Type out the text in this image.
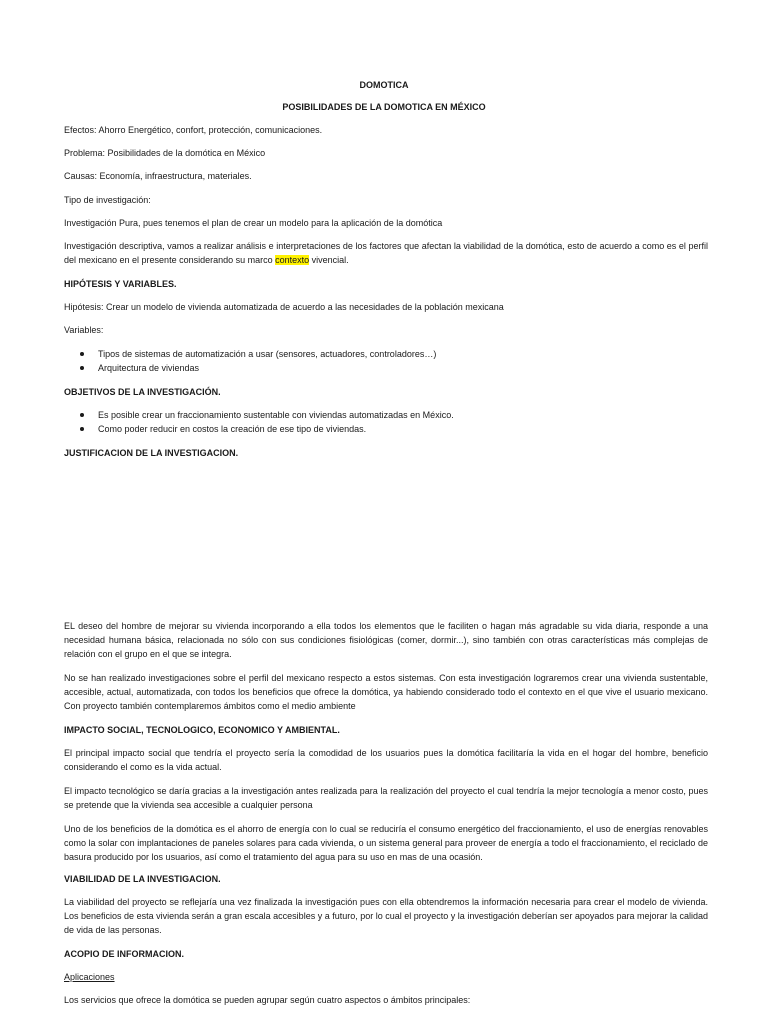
DOMOTICA

POSIBILIDADES DE LA DOMOTICA EN MÉXICO

Efectos: Ahorro Energético, confort, protección, comunicaciones.

Problema: Posibilidades de la domótica en México

Causas: Economía, infraestructura, materiales.

Tipo de investigación:

Investigación Pura, pues tenemos el plan de crear un modelo para la aplicación de la domótica

Investigación descriptiva, vamos a realizar análisis e interpretaciones de los factores que afectan la viabilidad de la domótica, esto de acuerdo a como es el perfil del mexicano en el presente considerando su marco contexto vivencial.

HIPÓTESIS Y VARIABLES.

Hipótesis: Crear un modelo de vivienda automatizada de acuerdo a las necesidades de la población mexicana

Variables:

Tipos de sistemas de automatización a usar (sensores, actuadores, controladores…)
Arquitectura de viviendas

OBJETIVOS DE LA INVESTIGACIÓN.

Es posible crear un fraccionamiento sustentable con viviendas automatizadas en México.
Como poder reducir en costos la creación de ese tipo de viviendas.

JUSTIFICACION DE LA INVESTIGACION.

EL deseo del hombre de mejorar su vivienda incorporando a ella todos los elementos que le faciliten o hagan más agradable su vida diaria, responde a una necesidad humana básica, relacionada no sólo con sus condiciones fisiológicas (comer, dormir...), sino también con otras características más complejas de relación con el grupo en el que se integra.

No se han realizado investigaciones sobre el perfil del mexicano respecto a estos sistemas. Con esta investigación lograremos crear una vivienda sustentable, accesible, actual, automatizada, con todos los beneficios que ofrece la domótica, ya habiendo considerado todo el contexto en el que vive el usuario mexicano. Con proyecto también contemplaremos ámbitos como el medio ambiente

IMPACTO SOCIAL, TECNOLOGICO, ECONOMICO Y AMBIENTAL.

El principal impacto social que tendría el proyecto sería la comodidad de los usuarios pues la domótica facilitaría la vida en el hogar del hombre, beneficio considerando el como es la vida actual.

El impacto tecnológico se daría gracias a la investigación antes realizada para la realización del proyecto el cual tendría la mejor tecnología a menor costo, pues se pretende que la vivienda sea accesible a cualquier persona

Uno de los beneficios de la domótica es el ahorro de energía con lo cual se reduciría el consumo energético del fraccionamiento, el uso de energías renovables como la solar con implantaciones de paneles solares para cada vivienda, o un sistema general para proveer de energía a todo el fraccionamiento, el reciclado de basura producido por los usuarios, así como el tratamiento del agua para su uso en mas de una ocasión.

VIABILIDAD DE LA INVESTIGACION.

La viabilidad del proyecto se reflejaría una vez finalizada la investigación pues con ella obtendremos la información necesaria para crear el modelo de vivienda. Los beneficios de esta vivienda serán a gran escala accesibles y a futuro, por lo cual el proyecto y la investigación deberían ser apoyados para mejorar la calidad de vida de las personas.

ACOPIO DE INFORMACION.

Aplicaciones

Los servicios que ofrece la domótica se pueden agrupar según cuatro aspectos o ámbitos principales:
